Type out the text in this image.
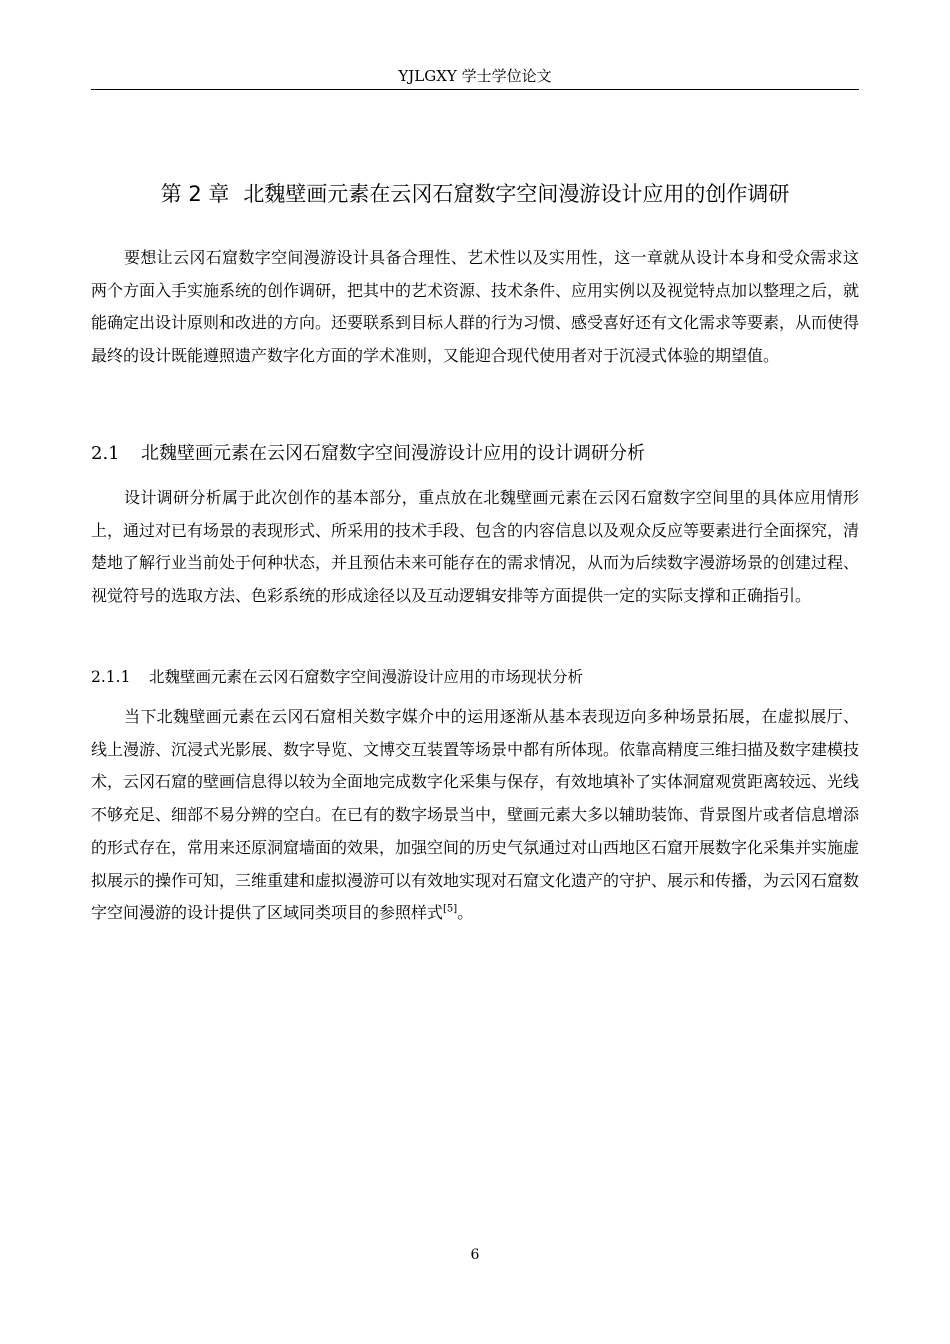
YJLGXY 学士学位论文
第 2 章 北魏壁画元素在云冈石窟数字空间漫游设计应用的创作调研

要想让云冈石窟数字空间漫游设计具备合理性、艺术性以及实用性，这一章就从设计本身和受众需求这两个方面入手实施系统的创作调研，把其中的艺术资源、技术条件、应用实例以及视觉特点加以整理之后，就能确定出设计原则和改进的方向。还要联系到目标人群的行为习惯、感受喜好还有文化需求等要素，从而使得最终的设计既能遵照遗产数字化方面的学术准则，又能迎合现代使用者对于沉浸式体验的期望值。

2.1 北魏壁画元素在云冈石窟数字空间漫游设计应用的设计调研分析

设计调研分析属于此次创作的基本部分，重点放在北魏壁画元素在云冈石窟数字空间里的具体应用情形上，通过对已有场景的表现形式、所采用的技术手段、包含的内容信息以及观众反应等要素进行全面探究，清楚地了解行业当前处于何种状态，并且预估未来可能存在的需求情况，从而为后续数字漫游场景的创建过程、视觉符号的选取方法、色彩系统的形成途径以及互动逻辑安排等方面提供一定的实际支撑和正确指引。

2.1.1 北魏壁画元素在云冈石窟数字空间漫游设计应用的市场现状分析

当下北魏壁画元素在云冈石窟相关数字媒介中的运用逐渐从基本表现迈向多种场景拓展，在虚拟展厅、线上漫游、沉浸式光影展、数字导览、文博交互装置等场景中都有所体现。依靠高精度三维扫描及数字建模技术，云冈石窟的壁画信息得以较为全面地完成数字化采集与保存，有效地填补了实体洞窟观赏距离较远、光线不够充足、细部不易分辨的空白。在已有的数字场景当中，壁画元素大多以辅助装饰、背景图片或者信息增添的形式存在，常用来还原洞窟墙面的效果，加强空间的历史气氛通过对山西地区石窟开展数字化采集并实施虚拟展示的操作可知，三维重建和虚拟漫游可以有效地实现对石窟文化遗产的守护、展示和传播，为云冈石窟数字空间漫游的设计提供了区域同类项目的参照样式[5]。

6
